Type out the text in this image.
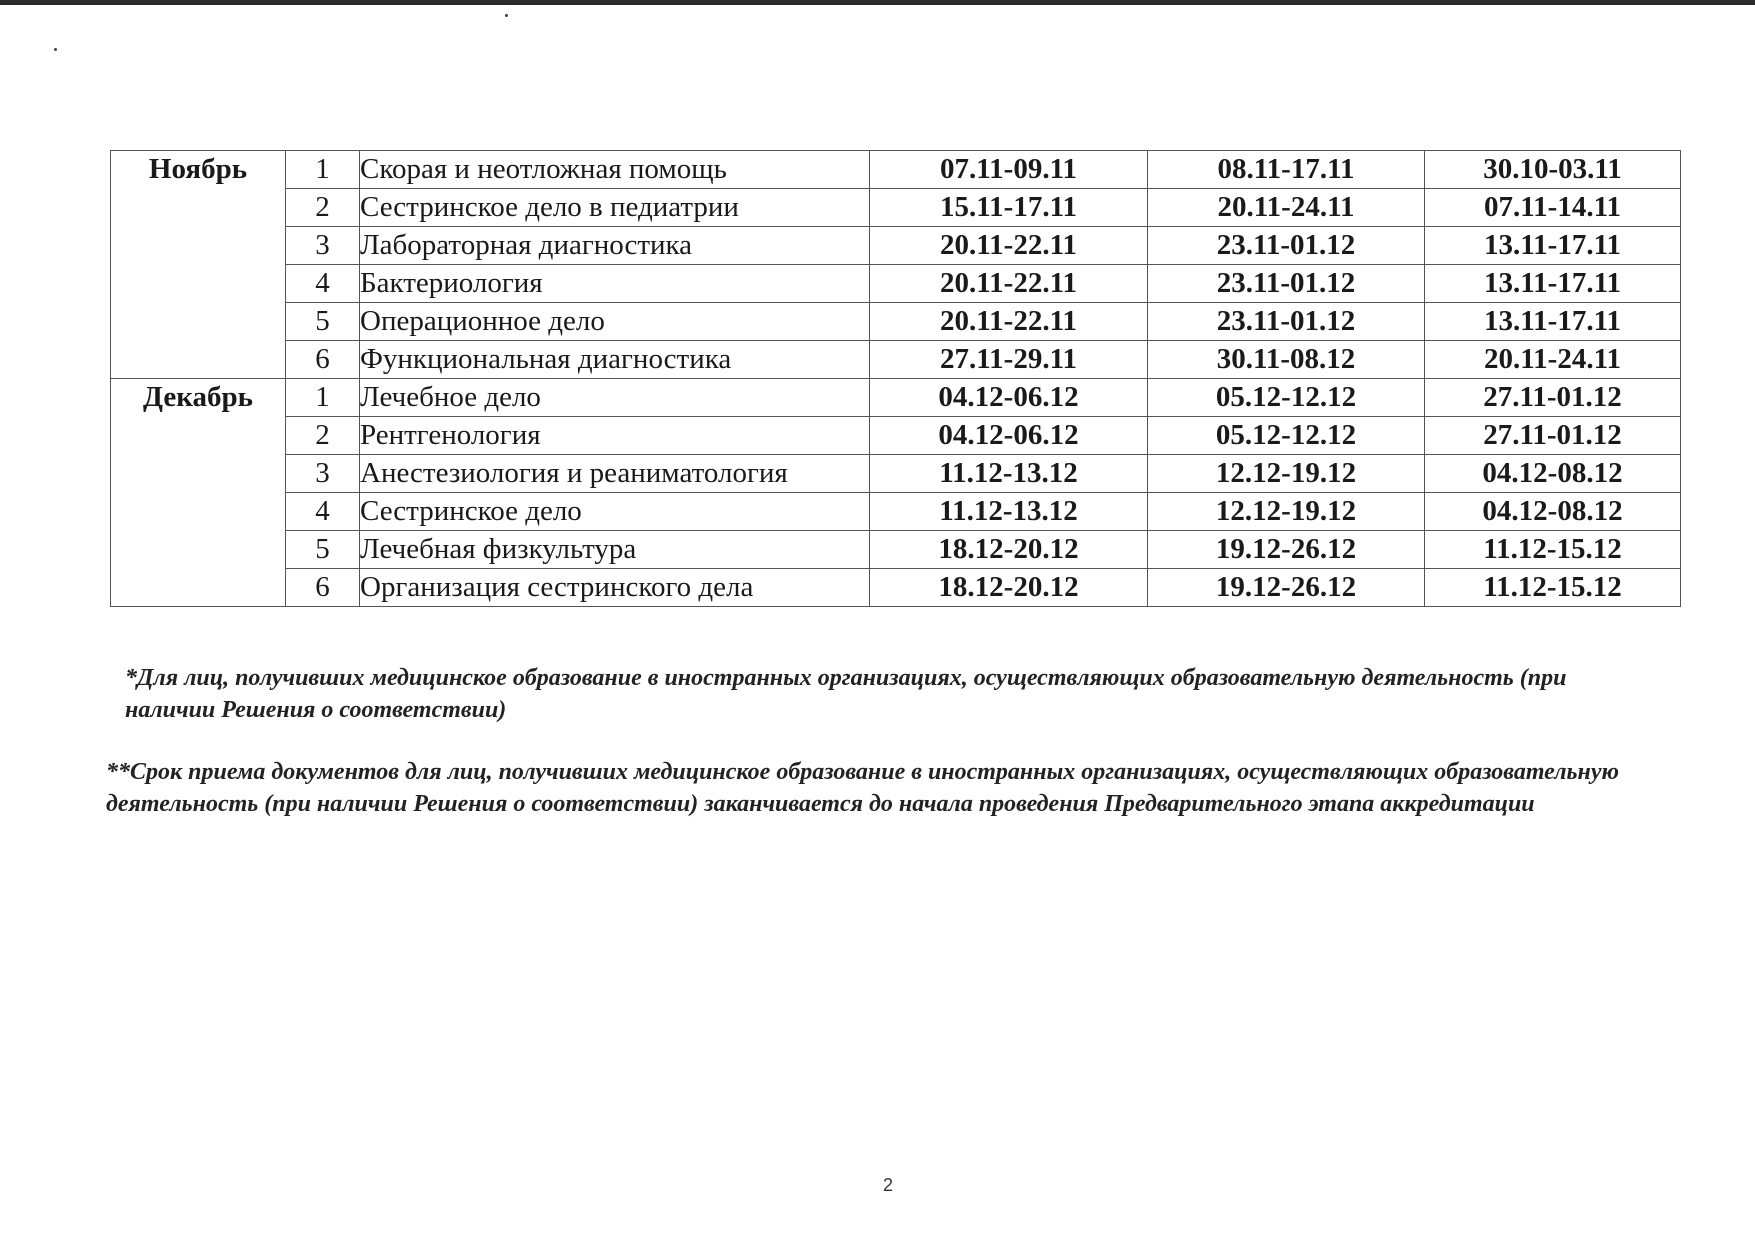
Ноябрь	1	Скорая и неотложная помощь	07.11-09.11	08.11-17.11	30.10-03.11
	2	Сестринское дело в педиатрии	15.11-17.11	20.11-24.11	07.11-14.11
	3	Лабораторная диагностика	20.11-22.11	23.11-01.12	13.11-17.11
	4	Бактериология	20.11-22.11	23.11-01.12	13.11-17.11
	5	Операционное дело	20.11-22.11	23.11-01.12	13.11-17.11
	6	Функциональная диагностика	27.11-29.11	30.11-08.12	20.11-24.11
Декабрь	1	Лечебное дело	04.12-06.12	05.12-12.12	27.11-01.12
	2	Рентгенология	04.12-06.12	05.12-12.12	27.11-01.12
	3	Анестезиология и реаниматология	11.12-13.12	12.12-19.12	04.12-08.12
	4	Сестринское дело	11.12-13.12	12.12-19.12	04.12-08.12
	5	Лечебная физкультура	18.12-20.12	19.12-26.12	11.12-15.12
	6	Организация сестринского дела	18.12-20.12	19.12-26.12	11.12-15.12
*Для лиц, получивших медицинское образование в иностранных организациях, осуществляющих образовательную деятельность (при наличии Решения о соответствии)
**Срок приема документов для лиц, получивших медицинское образование в иностранных организациях, осуществляющих образовательную деятельность (при наличии Решения о соответствии) заканчивается до начала проведения Предварительного этапа аккредитации
2
